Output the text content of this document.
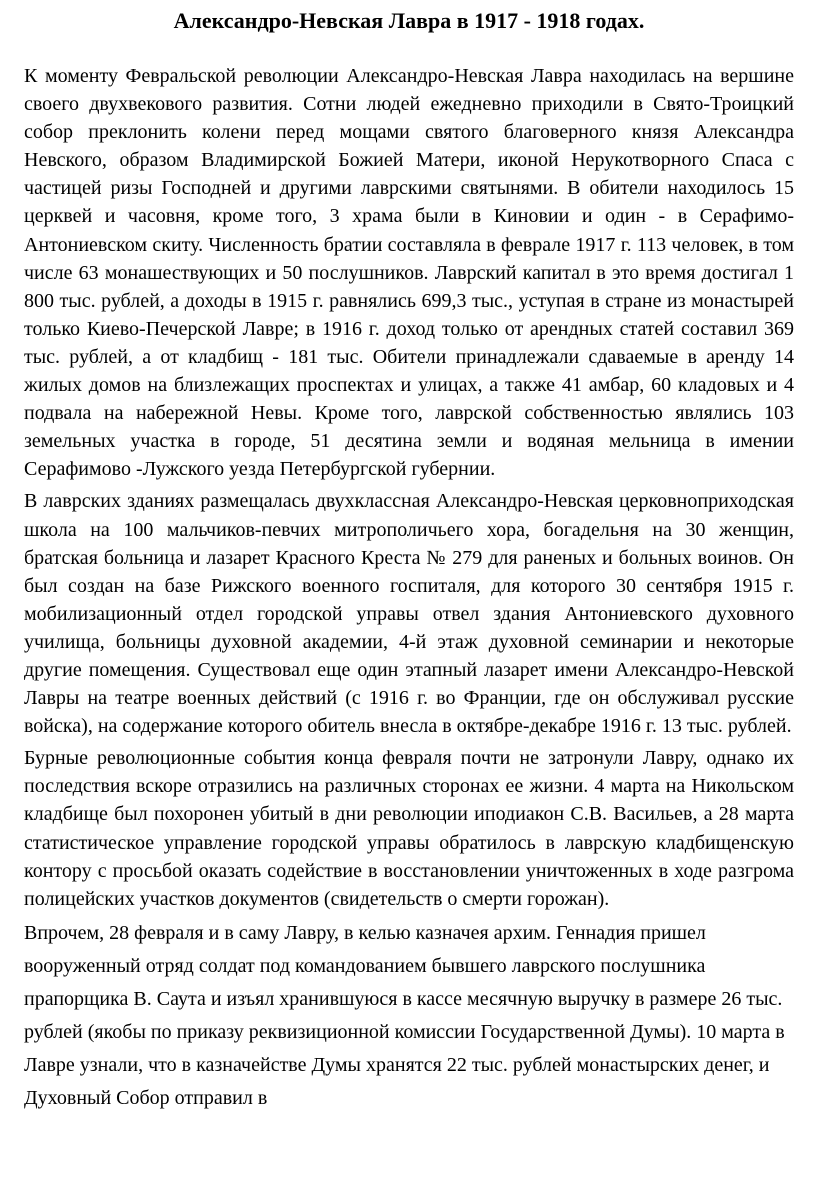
Александро-Невская Лавра в 1917 - 1918 годах.

К моменту Февральской революции Александро-Невская Лавра находилась на вершине своего двухвекового развития. Сотни людей ежедневно приходили в Свято-Троицкий собор преклонить колени перед мощами святого благоверного князя Александра Невского, образом Владимирской Божией Матери, иконой Нерукотворного Спаса с частицей ризы Господней и другими лаврскими святынями. В обители находилось 15 церквей и часовня, кроме того, 3 храма были в Киновии и один - в Серафимо-Антониевском скиту. Численность братии составляла в феврале 1917 г. 113 человек, в том числе 63 монашествующих и 50 послушников. Лаврский капитал в это время достигал 1 800 тыс. рублей, а доходы в 1915 г. равнялись 699,3 тыс., уступая в стране из монастырей только Киево-Печерской Лавре; в 1916 г. доход только от арендных статей составил 369 тыс. рублей, а от кладбищ - 181 тыс. Обители принадлежали сдаваемые в аренду 14 жилых домов на близлежащих проспектах и улицах, а также 41 амбар, 60 кладовых и 4 подвала на набережной Невы. Кроме того, лаврской собственностью являлись 103 земельных участка в городе, 51 десятина земли и водяная мельница в имении Серафимово -Лужского уезда Петербургской губернии.

В лаврских зданиях размещалась двухклассная Александро-Невская церковноприходская школа на 100 мальчиков-певчих митрополичьего хора, богадельня на 30 женщин, братская больница и лазарет Красного Креста № 279 для раненых и больных воинов. Он был создан на базе Рижского военного госпиталя, для которого 30 сентября 1915 г. мобилизационный отдел городской управы отвел здания Антониевского духовного училища, больницы духовной академии, 4-й этаж духовной семинарии и некоторые другие помещения. Существовал еще один этапный лазарет имени Александро-Невской Лавры на театре военных действий (с 1916 г. во Франции, где он обслуживал русские войска), на содержание которого обитель внесла в октябре-декабре 1916 г. 13 тыс. рублей.

Бурные революционные события конца февраля почти не затронули Лавру, однако их последствия вскоре отразились на различных сторонах ее жизни. 4 марта на Никольском кладбище был похоронен убитый в дни революции иподиакон С.В. Васильев, а 28 марта статистическое управление городской управы обратилось в лаврскую кладбищенскую контору с просьбой оказать содействие в восстановлении уничтоженных в ходе разгрома полицейских участков документов (свидетельств о смерти горожан).

Впрочем, 28 февраля и в саму Лавру, в келью казначея архим. Геннадия пришел вооруженный отряд солдат под командованием бывшего лаврского послушника прапорщика В. Саута и изъял хранившуюся в кассе месячную выручку в размере 26 тыс. рублей (якобы по приказу реквизиционной комиссии Государственной Думы). 10 марта в Лавре узнали, что в казначействе Думы хранятся 22 тыс. рублей монастырских денег, и Духовный Собор отправил в
